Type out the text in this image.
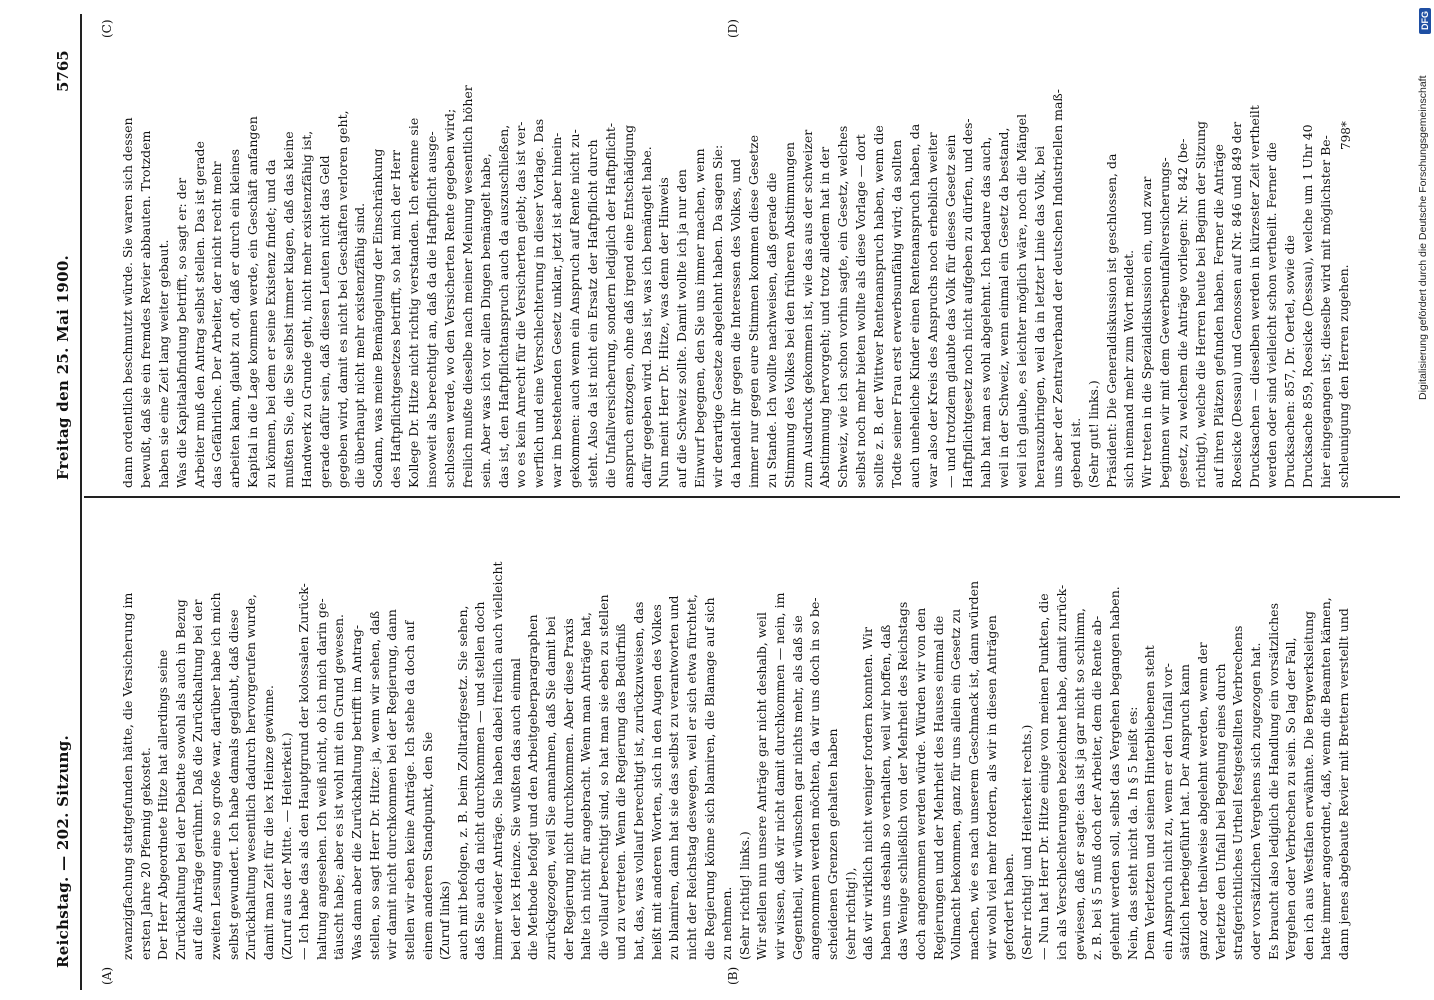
Reichstag. — 202. Sitzung.
Freitag den 25. Mai 1900.
5765
(A)	(B)
(C)	(D)
zwanzigfachung stattgefunden hätte, die Versicherung im ersten Jahre 20 Pfennig gekostet. Der Herr Abgeordnete Hitze hat allerdings seine Zurückhaltung bei der Debatte sowohl als auch in Bezug auf die Anträge gerühmt. Daß die Zurückhaltung bei der zweiten Lesung eine so große war, darüber habe ich mich selbst gewundert. Ich habe damals geglaubt, daß diese Zurückhaltung wesentlich dadurch hervorgerufen wurde, damit man Zeit für die lex Heinze gewinne. (Zuruf aus der Mitte. — Heiterkeit.) — Ich habe das als den Hauptgrund der kolossalen Zurück- haltung angesehen. Ich weiß nicht, ob ich mich darin ge- täuscht habe; aber es ist wohl mit ein Grund gewesen. Was dann aber die Zurückhaltung betrifft im Antrag- stellen, so sagt Herr Dr. Hitze: ja, wenn wir sehen, daß wir damit nicht durchkommen bei der Regierung, dann stellen wir eben keine Anträge. Ich stehe da doch auf einem anderen Standpunkt, den Sie (Zuruf links) auch mit befolgen, z. B. beim Zolltarifgesetz. Sie sehen, daß Sie auch da nicht durchkommen — und stellen doch immer wieder Anträge. Sie haben dabei freilich auch vielleicht bei der lex Heinze. Sie wußten das auch einmal die Methode befolgt und den Arbeitgeberparagraphen zurückgezogen, weil Sie annahmen, daß Sie damit bei der Regierung nicht durchkommen. Aber diese Praxis halte ich nicht für angebracht. Wenn man Anträge hat, die vollauf berechtigt sind, so hat man sie eben zu stellen und zu vertreten. Wenn die Regierung das Bedürfniß hat, das, was vollauf berechtigt ist, zurückzuweisen, das heißt mit anderen Worten, sich in den Augen des Volkes zu blamiren, dann hat sie das selbst zu verantworten und nicht der Reichstag deswegen, weil er sich etwa fürchtet, die Regierung könne sich blamiren, die Blamage auf sich zu nehmen. (Sehr richtig! links.) Wir stellen nun unsere Anträge gar nicht deshalb, weil wir wissen, daß wir nicht damit durchkommen — nein, im Gegentheil, wir wünschen gar nichts mehr, als daß sie angenommen werden möchten, da wir uns doch in so be- scheidenen Grenzen gehalten haben (sehr richtig!), daß wir wirklich nicht weniger fordern konnten. Wir haben uns deshalb so verhalten, weil wir hoffen, daß das Wenige schließlich von der Mehrheit des Reichstags doch angenommen werden würde. Würden wir von den Regierungen und der Mehrheit des Hauses einmal die Vollmacht bekommen, ganz für uns allein ein Gesetz zu machen, wie es nach unserem Geschmack ist, dann würden wir wohl viel mehr fordern, als wir in diesen Anträgen gefordert haben. (Sehr richtig! und Heiterkeit rechts.) — Nun hat Herr Dr. Hitze einige von meinen Punkten, die ich als Verschlechterungen bezeichnet habe, damit zurück- gewiesen, daß er sagte: das ist ja gar nicht so schlimm, z. B. bei § 5 muß doch der Arbeiter, dem die Rente ab- gelehnt werden soll, selbst das Vergehen begangen haben. Nein, das steht nicht da. In § 5 heißt es: Dem Verletzten und seinen Hinterbliebenen steht ein Anspruch nicht zu, wenn er den Unfall vor- sätzlich herbeigeführt hat. Der Anspruch kann ganz oder theilweise abgelehnt werden, wenn der Verletzte den Unfall bei Begehung eines durch strafgerichtliches Urtheil festgestellten Verbrechens oder vorsätzlichen Vergehens sich zugezogen hat. Es braucht also lediglich die Handlung ein vorsätzliches Vergehen oder Verbrechen zu sein. So lag der Fall, den ich aus Westfalen erwähnte. Die Bergwerksleitung hatte immer angeordnet, daß, wenn die Beamten kämen, dann jenes abgebaute Revier mit Brettern verstellt und
dann ordentlich beschmutzt würde. Sie waren sich dessen bewußt, daß sie ein fremdes Revier abbauten. Trotzdem haben sie eine Zeit lang weiter gebaut. Was die Kapitalabfindung betrifft, so sagt er: der Arbeiter muß den Antrag selbst stellen. Das ist gerade das Gefährliche. Der Arbeiter, der nicht recht mehr arbeiten kann, glaubt zu oft, daß er durch ein kleines Kapital in die Lage kommen werde, ein Geschäft anfangen zu können, bei dem er seine Existenz findet; und da mußten Sie, die Sie selbst immer klagen, daß das kleine Handwerk zu Grunde geht, nicht mehr existenzfähig ist, gerade dafür sein, daß diesen Leuten nicht das Geld gegeben wird, damit es nicht bei Geschäften verloren geht, die überhaupt nicht mehr existenzfähig sind. Sodann, was meine Bemängelung der Einschränkung des Haftpflichtgesetzes betrifft, so hat mich der Herr Kollege Dr. Hitze nicht richtig verstanden. Ich erkenne sie insoweit als berechtigt an, daß da die Haftpflicht ausge- schlossen werde, wo den Versicherten Rente gegeben wird; freilich mußte dieselbe nach meiner Meinung wesentlich höher sein. Aber was ich vor allen Dingen bemängelt habe, das ist, den Haftpflichtanspruch auch da auszuschließen, wo es kein Anrecht für die Versicherten giebt; das ist ver- werflich und eine Verschlechterung in dieser Vorlage. Das war im bestehenden Gesetz unklar, jetzt ist aber hinein- gekommen: auch wenn ein Anspruch auf Rente nicht zu- steht. Also da ist nicht ein Ersatz der Haftpflicht durch die Unfallversicherung, sondern lediglich der Haftpflicht- anspruch entzogen, ohne daß irgend eine Entschädigung dafür gegeben wird. Das ist, was ich bemängelt habe. Nun meint Herr Dr. Hitze, was denn der Hinweis auf die Schweiz sollte. Damit wollte ich ja nur den Einwurf begegnen, den Sie uns immer machen, wenn wir derartige Gesetze abgelehnt haben. Da sagen Sie: da handelt ihr gegen die Interessen des Volkes, und immer nur gegen eure Stimmen kommen diese Gesetze zu Stande. Ich wollte nachweisen, daß gerade die Stimmung des Volkes bei den früheren Abstimmungen zum Ausdruck gekommen ist, wie das aus der schweizer Abstimmung hervorgeht; und trotz alledem hat in der Schweiz, wie ich schon vorhin sagte, ein Gesetz, welches selbst noch mehr bieten wollte als diese Vorlage — dort sollte z. B. der Wittwer Rentenanspruch haben, wenn die Todte seiner Frau erst erwerbsunfähig wird; da sollten auch uneheliche Kinder einen Rentenanspruch haben, da war also der Kreis des Anspruchs noch erheblich weiter — und trotzdem glaubte das Volk für dieses Gesetz sein Haftpflichtgesetz noch nicht aufgeben zu dürfen, und des- halb hat man es wohl abgelehnt. Ich bedaure das auch, weil in der Schweiz, wenn einmal ein Gesetz da bestand, weil ich glaube, es leichter möglich wäre, noch die Mängel herauszubringen, weil da in letzter Linie das Volk, bei uns aber der Zentralverband der deutschen Industriellen maß- gebend ist. (Sehr gut! links.) Präsident: Die Generaldiskussion ist geschlossen, da sich niemand mehr zum Wort meldet. Wir treten in die Spezialdiskussion ein, und zwar beginnen wir mit dem Gewerbeunfallversicherungs- gesetz, zu welchem die Anträge vorliegen: Nr. 842 (be- richtigt), welche die Herren heute bei Beginn der Sitzung auf ihren Plätzen gefunden haben. Ferner die Anträge Roesicke (Dessau) und Genossen auf Nr. 846 und 849 der Drucksachen — dieselben werden in kürzester Zeit vertheilt werden oder sind vielleicht schon vertheilt. Ferner die Drucksachen: 857, Dr. Oertel, sowie die Drucksache 859, Roesicke (Dessau), welche um 1 Uhr 40 hier eingegangen ist; dieselbe wird mit möglichster Be- schleunigung den Herren zugehen.
798*
DFG
Digitalisierung gefördert durch die Deutsche Forschungsgemeinschaft
